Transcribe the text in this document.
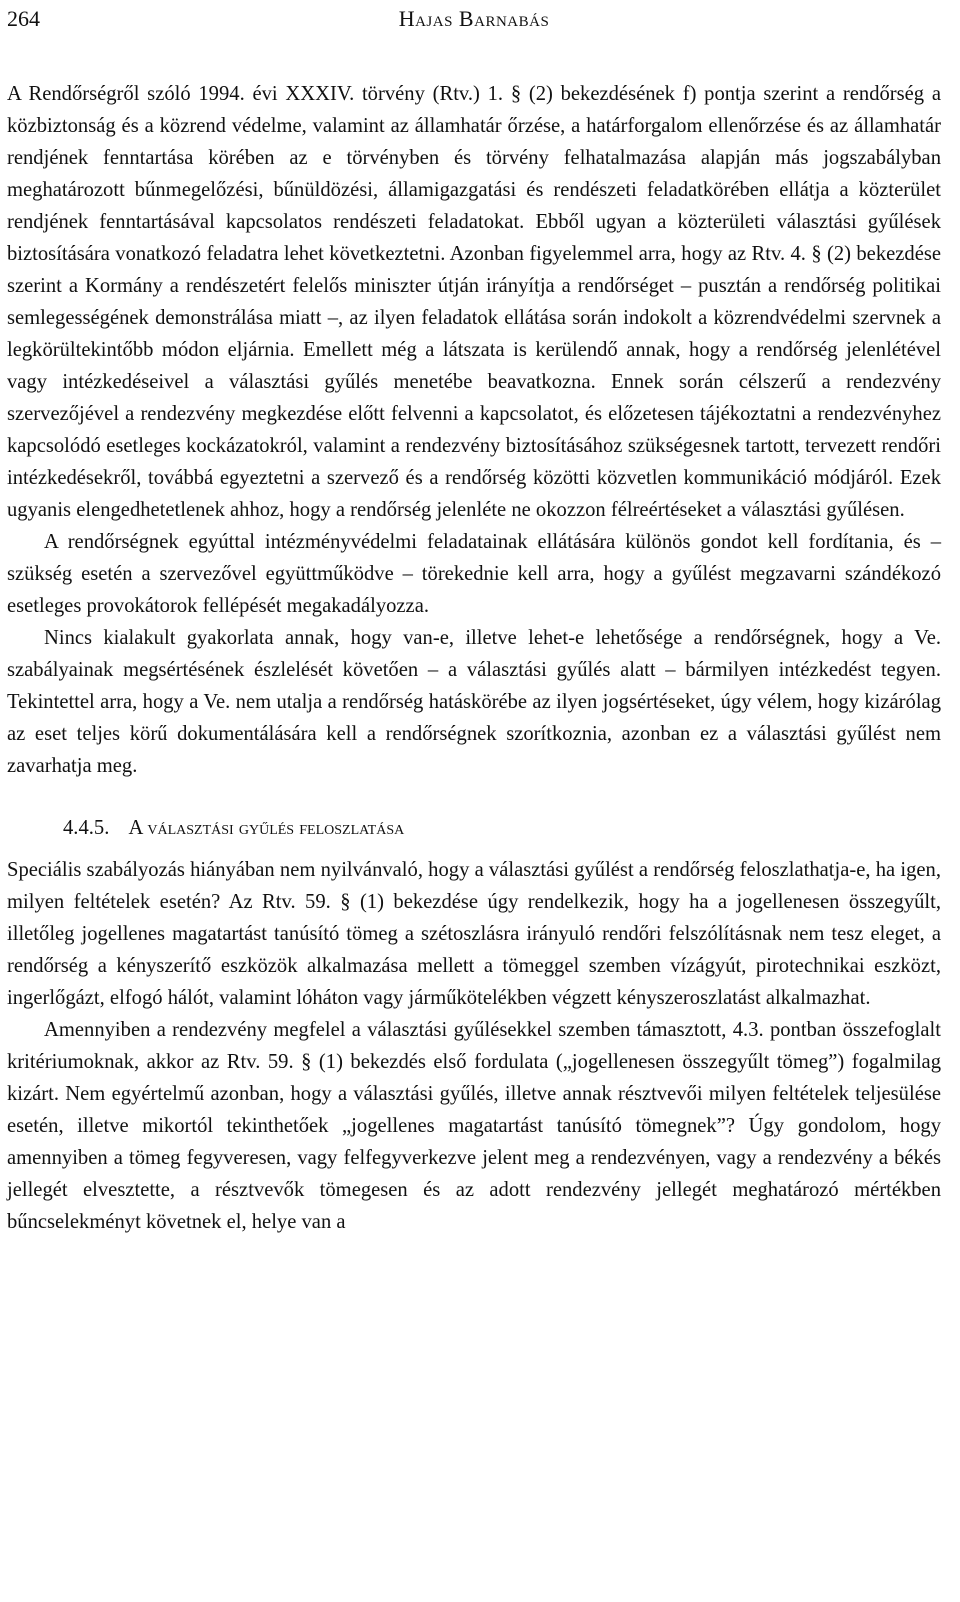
264	Hajas Barnabás

A Rendőrségről szóló 1994. évi XXXIV. törvény (Rtv.) 1. § (2) bekezdésének f) pontja szerint a rendőrség a közbiztonság és a közrend védelme, valamint az államhatár őrzése, a határforgalom ellenőrzése és az államhatár rendjének fenntartása körében az e törvényben és törvény felhatalmazása alapján más jogszabályban meghatározott bűnmegelőzési, bűnüldözési, államigazgatási és rendészeti feladatkörében ellátja a közterület rendjének fenntartásával kapcsolatos rendészeti feladatokat. Ebből ugyan a közterületi választási gyűlések biztosítására vonatkozó feladatra lehet következtetni. Azonban figyelemmel arra, hogy az Rtv. 4. § (2) bekezdése szerint a Kormány a rendészetért felelős miniszter útján irányítja a rendőrséget – pusztán a rendőrség politikai semlegességének demonstrálása miatt –, az ilyen feladatok ellátása során indokolt a közrendvédelmi szervnek a legkörültekintőbb módon eljárnia. Emellett még a látszata is kerülendő annak, hogy a rendőrség jelenlétével vagy intézkedéseivel a választási gyűlés menetébe beavatkozna. Ennek során célszerű a rendezvény szervezőjével a rendezvény megkezdése előtt felvenni a kapcsolatot, és előzetesen tájékoztatni a rendezvényhez kapcsolódó esetleges kockázatokról, valamint a rendezvény biztosításához szükségesnek tartott, tervezett rendőri intézkedésekről, továbbá egyeztetni a szervező és a rendőrség közötti közvetlen kommunikáció módjáról. Ezek ugyanis elengedhetetlenek ahhoz, hogy a rendőrség jelenléte ne okozzon félreértéseket a választási gyűlésen.

A rendőrségnek egyúttal intézményvédelmi feladatainak ellátására különös gondot kell fordítania, és – szükség esetén a szervezővel együttműködve – törekednie kell arra, hogy a gyűlést megzavarni szándékozó esetleges provokátorok fellépését megakadályozza.

Nincs kialakult gyakorlata annak, hogy van-e, illetve lehet-e lehetősége a rendőrségnek, hogy a Ve. szabályainak megsértésének észlelését követően – a választási gyűlés alatt – bármilyen intézkedést tegyen. Tekintettel arra, hogy a Ve. nem utalja a rendőrség hatáskörébe az ilyen jogsértéseket, úgy vélem, hogy kizárólag az eset teljes körű dokumentálására kell a rendőrségnek szorítkoznia, azonban ez a választási gyűlést nem zavarhatja meg.

4.4.5. A választási gyűlés feloszlatása

Speciális szabályozás hiányában nem nyilvánvaló, hogy a választási gyűlést a rendőrség feloszlathatja-e, ha igen, milyen feltételek esetén? Az Rtv. 59. § (1) bekezdése úgy rendelkezik, hogy ha a jogellenesen összegyűlt, illetőleg jogellenes magatartást tanúsító tömeg a szétoszlásra irányuló rendőri felszólításnak nem tesz eleget, a rendőrség a kényszerítő eszközök alkalmazása mellett a tömeggel szemben vízágyút, pirotechnikai eszközt, ingerlőgázt, elfogó hálót, valamint lóháton vagy járműkötelékben végzett kényszeroszlatást alkalmazhat.

Amennyiben a rendezvény megfelel a választási gyűlésekkel szemben támasztott, 4.3. pontban összefoglalt kritériumoknak, akkor az Rtv. 59. § (1) bekezdés első fordulata („jogellenesen összegyűlt tömeg”) fogalmilag kizárt. Nem egyértelmű azonban, hogy a választási gyűlés, illetve annak résztvevői milyen feltételek teljesülése esetén, illetve mikortól tekinthetőek „jogellenes magatartást tanúsító tömegnek”? Úgy gondolom, hogy amennyiben a tömeg fegyveresen, vagy felfegyverkezve jelent meg a rendezvényen, vagy a rendezvény a békés jellegét elvesztette, a résztvevők tömegesen és az adott rendezvény jellegét meghatározó mértékben bűncselekményt követnek el, helye van a
